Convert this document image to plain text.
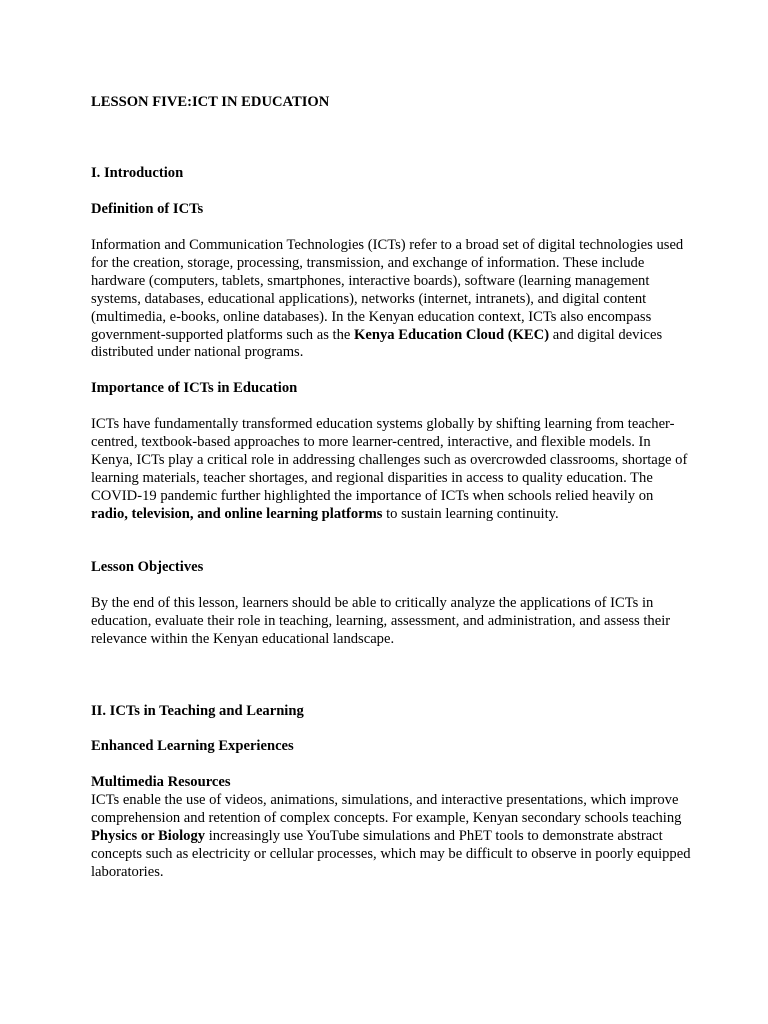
LESSON FIVE:ICT IN EDUCATION
I. Introduction
Definition of ICTs

Information and Communication Technologies (ICTs) refer to a broad set of digital technologies used for the creation, storage, processing, transmission, and exchange of information. These include hardware (computers, tablets, smartphones, interactive boards), software (learning management systems, databases, educational applications), networks (internet, intranets), and digital content (multimedia, e-books, online databases). In the Kenyan education context, ICTs also encompass government-supported platforms such as the Kenya Education Cloud (KEC) and digital devices distributed under national programs.

Importance of ICTs in Education

ICTs have fundamentally transformed education systems globally by shifting learning from teacher-centred, textbook-based approaches to more learner-centred, interactive, and flexible models. In Kenya, ICTs play a critical role in addressing challenges such as overcrowded classrooms, shortage of learning materials, teacher shortages, and regional disparities in access to quality education. The COVID-19 pandemic further highlighted the importance of ICTs when schools relied heavily on radio, television, and online learning platforms to sustain learning continuity.

Lesson Objectives

By the end of this lesson, learners should be able to critically analyze the applications of ICTs in education, evaluate their role in teaching, learning, assessment, and administration, and assess their relevance within the Kenyan educational landscape.

II. ICTs in Teaching and Learning
Enhanced Learning Experiences
Multimedia Resources

ICTs enable the use of videos, animations, simulations, and interactive presentations, which improve comprehension and retention of complex concepts. For example, Kenyan secondary schools teaching Physics or Biology increasingly use YouTube simulations and PhET tools to demonstrate abstract concepts such as electricity or cellular processes, which may be difficult to observe in poorly equipped laboratories.
